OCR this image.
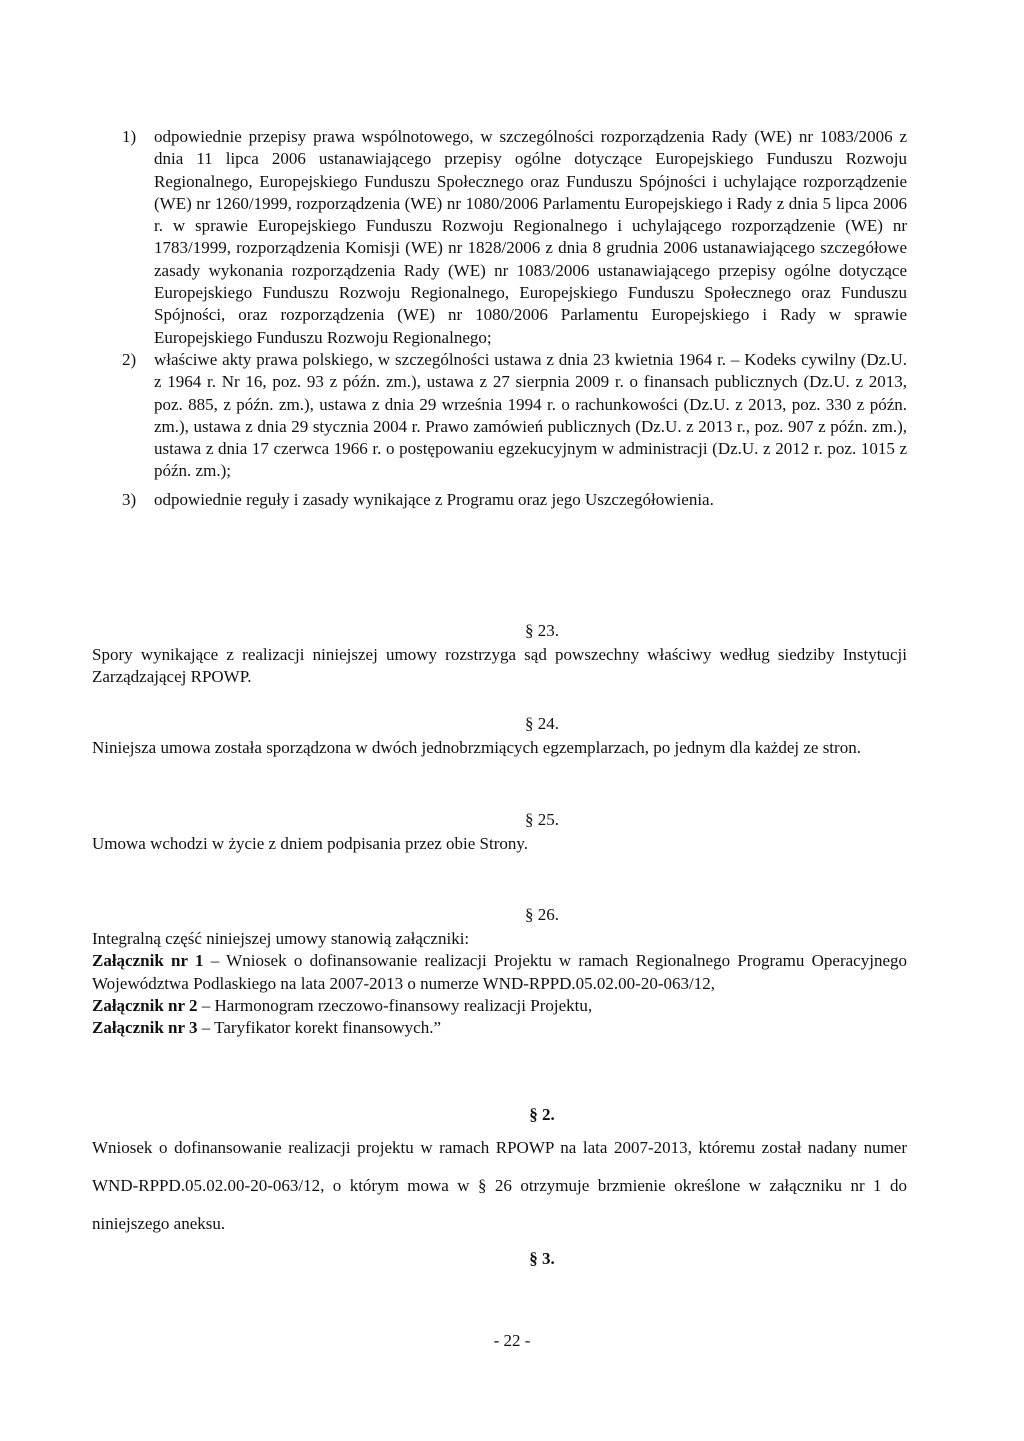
1) odpowiednie przepisy prawa wspólnotowego, w szczególności rozporządzenia Rady (WE) nr 1083/2006 z dnia 11 lipca 2006 ustanawiającego przepisy ogólne dotyczące Europejskiego Funduszu Rozwoju Regionalnego, Europejskiego Funduszu Społecznego oraz Funduszu Spójności i uchylające rozporządzenie (WE) nr 1260/1999, rozporządzenia (WE) nr 1080/2006 Parlamentu Europejskiego i Rady z dnia 5 lipca 2006 r. w sprawie Europejskiego Funduszu Rozwoju Regionalnego i uchylającego rozporządzenie (WE) nr 1783/1999, rozporządzenia Komisji (WE) nr 1828/2006 z dnia 8 grudnia 2006 ustanawiającego szczegółowe zasady wykonania rozporządzenia Rady (WE) nr 1083/2006 ustanawiającego przepisy ogólne dotyczące Europejskiego Funduszu Rozwoju Regionalnego, Europejskiego Funduszu Społecznego oraz Funduszu Spójności, oraz rozporządzenia (WE) nr 1080/2006 Parlamentu Europejskiego i Rady w sprawie Europejskiego Funduszu Rozwoju Regionalnego;
2) właściwe akty prawa polskiego, w szczególności ustawa z dnia 23 kwietnia 1964 r. – Kodeks cywilny (Dz.U. z 1964 r. Nr 16, poz. 93 z późn. zm.), ustawa z 27 sierpnia 2009 r. o finansach publicznych (Dz.U. z 2013, poz. 885, z późn. zm.), ustawa z dnia 29 września 1994 r. o rachunkowości (Dz.U. z 2013, poz. 330 z późn. zm.), ustawa z dnia 29 stycznia 2004 r. Prawo zamówień publicznych (Dz.U. z 2013 r., poz. 907 z późn. zm.), ustawa z dnia 17 czerwca 1966 r. o postępowaniu egzekucyjnym w administracji (Dz.U. z 2012 r. poz. 1015 z późn. zm.);
3) odpowiednie reguły i zasady wynikające z Programu oraz jego Uszczegółowienia.
§ 23.
Spory wynikające z realizacji niniejszej umowy rozstrzyga sąd powszechny właściwy według siedziby Instytucji Zarządzającej RPOWP.
§ 24.
Niniejsza umowa została sporządzona w dwóch jednobrzmiących egzemplarzach, po jednym dla każdej ze stron.
§ 25.
Umowa wchodzi w życie z dniem podpisania przez obie Strony.
§ 26.
Integralną część niniejszej umowy stanowią załączniki:
Załącznik nr 1 – Wniosek o dofinansowanie realizacji Projektu w ramach Regionalnego Programu Operacyjnego Województwa Podlaskiego na lata 2007-2013 o numerze WND-RPPD.05.02.00-20-063/12,
Załącznik nr 2 – Harmonogram rzeczowo-finansowy realizacji Projektu,
Załącznik nr 3 – Taryfikator korekt finansowych.”
§ 2.
Wniosek o dofinansowanie realizacji projektu w ramach RPOWP na lata 2007-2013, któremu został nadany numer WND-RPPD.05.02.00-20-063/12, o którym mowa w § 26 otrzymuje brzmienie określone w załączniku nr 1 do niniejszego aneksu.
§ 3.
- 22 -
